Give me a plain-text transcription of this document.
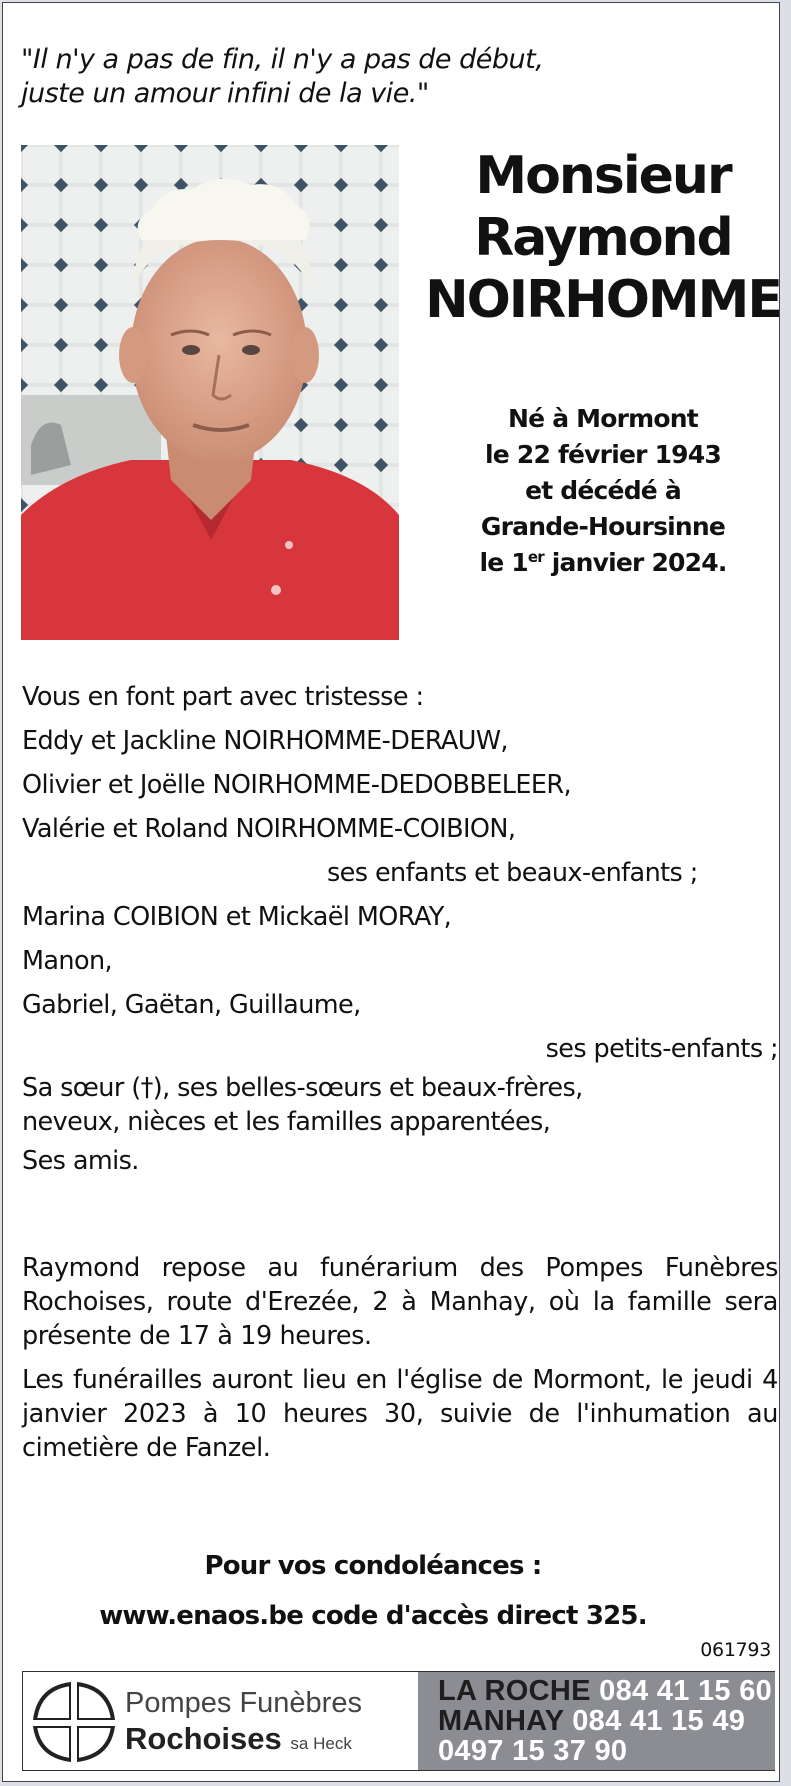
"Il n'y a pas de fin, il n'y a pas de début,
juste un amour infini de la vie."
Monsieur
Raymond
NOIRHOMME
Né à Mormont
le 22 février 1943
et décédé à
Grande-Hoursinne
le 1er janvier 2024.
Vous en font part avec tristesse :
Eddy et Jackline NOIRHOMME-DERAUW,
Olivier et Joëlle NOIRHOMME-DEDOBBELEER,
Valérie et Roland NOIRHOMME-COIBION,
ses enfants et beaux-enfants ;
Marina COIBION et Mickaël MORAY,
Manon,
Gabriel, Gaëtan, Guillaume,
ses petits-enfants ;
Sa sœur (†), ses belles-sœurs et beaux-frères,
neveux, nièces et les familles apparentées,
Ses amis.
Raymond repose au funérarium des Pompes Funèbres Rochoises, route d'Erezée, 2 à Manhay, où la famille sera présente de 17 à 19 heures.
Les funérailles auront lieu en l'église de Mormont, le jeudi 4 janvier 2023 à 10 heures 30, suivie de l'inhumation au cimetière de Fanzel.
Pour vos condoléances :
www.enaos.be code d'accès direct 325.
061793
Pompes Funèbres
Rochoises sa Heck
LA ROCHE 084 41 15 60
MANHAY 084 41 15 49
0497 15 37 90
